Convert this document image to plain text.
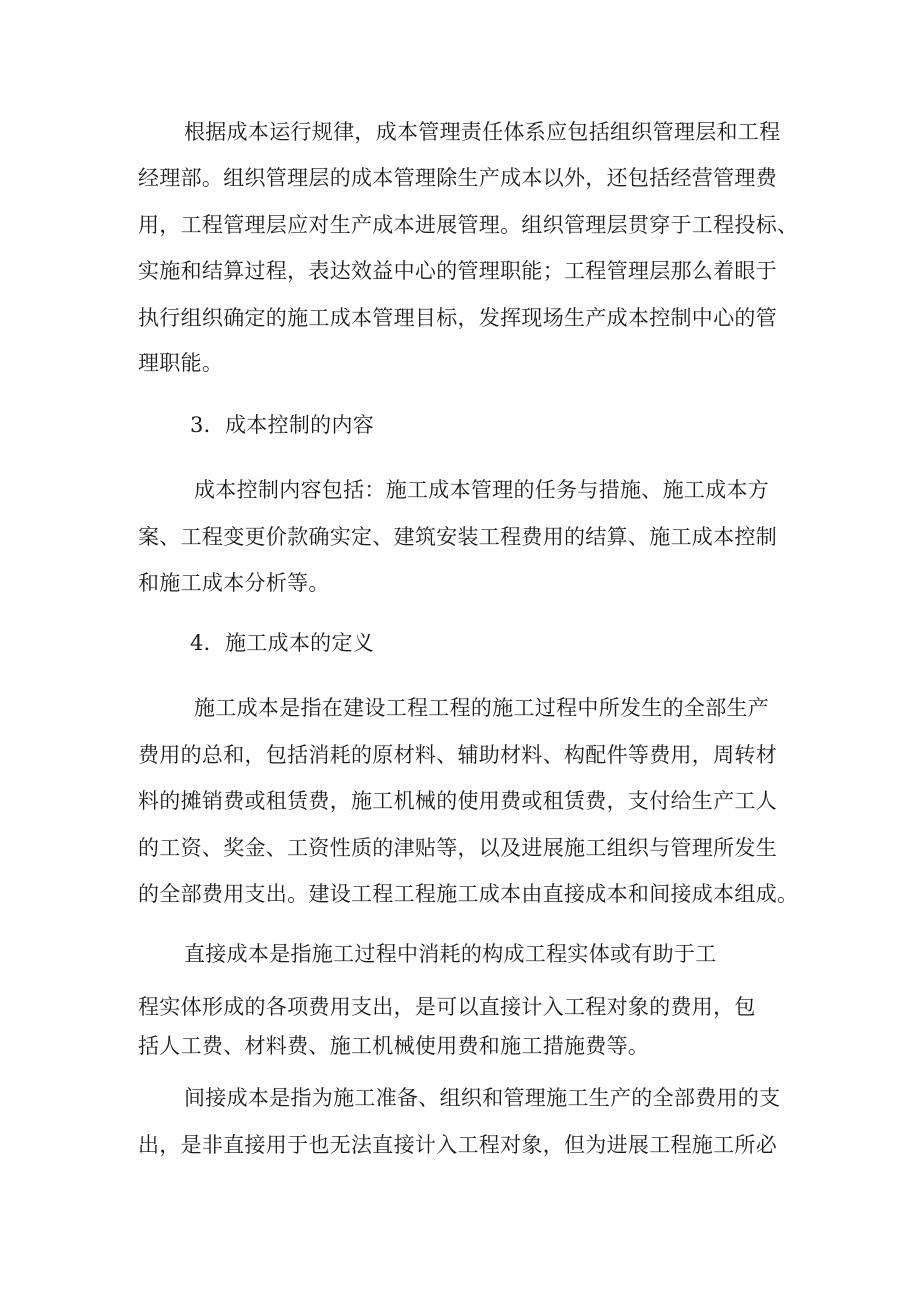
根据成本运行规律，成本管理责任体系应包括组织管理层和工程
经理部。组织管理层的成本管理除生产成本以外，还包括经营管理费
用，工程管理层应对生产成本进展管理。组织管理层贯穿于工程投标、
实施和结算过程，表达效益中心的管理职能；工程管理层那么着眼于
执行组织确定的施工成本管理目标，发挥现场生产成本控制中心的管
理职能。
3．成本控制的内容
成本控制内容包括：施工成本管理的任务与措施、施工成本方
案、工程变更价款确实定、建筑安装工程费用的结算、施工成本控制
和施工成本分析等。
4．施工成本的定义
施工成本是指在建设工程工程的施工过程中所发生的全部生产
费用的总和，包括消耗的原材料、辅助材料、构配件等费用，周转材
料的摊销费或租赁费，施工机械的使用费或租赁费，支付给生产工人
的工资、奖金、工资性质的津贴等，以及进展施工组织与管理所发生
的全部费用支出。建设工程工程施工成本由直接成本和间接成本组成。
直接成本是指施工过程中消耗的构成工程实体或有助于工
程实体形成的各项费用支出，是可以直接计入工程对象的费用，包
括人工费、材料费、施工机械使用费和施工措施费等。
间接成本是指为施工准备、组织和管理施工生产的全部费用的支
出，是非直接用于也无法直接计入工程对象，但为进展工程施工所必
